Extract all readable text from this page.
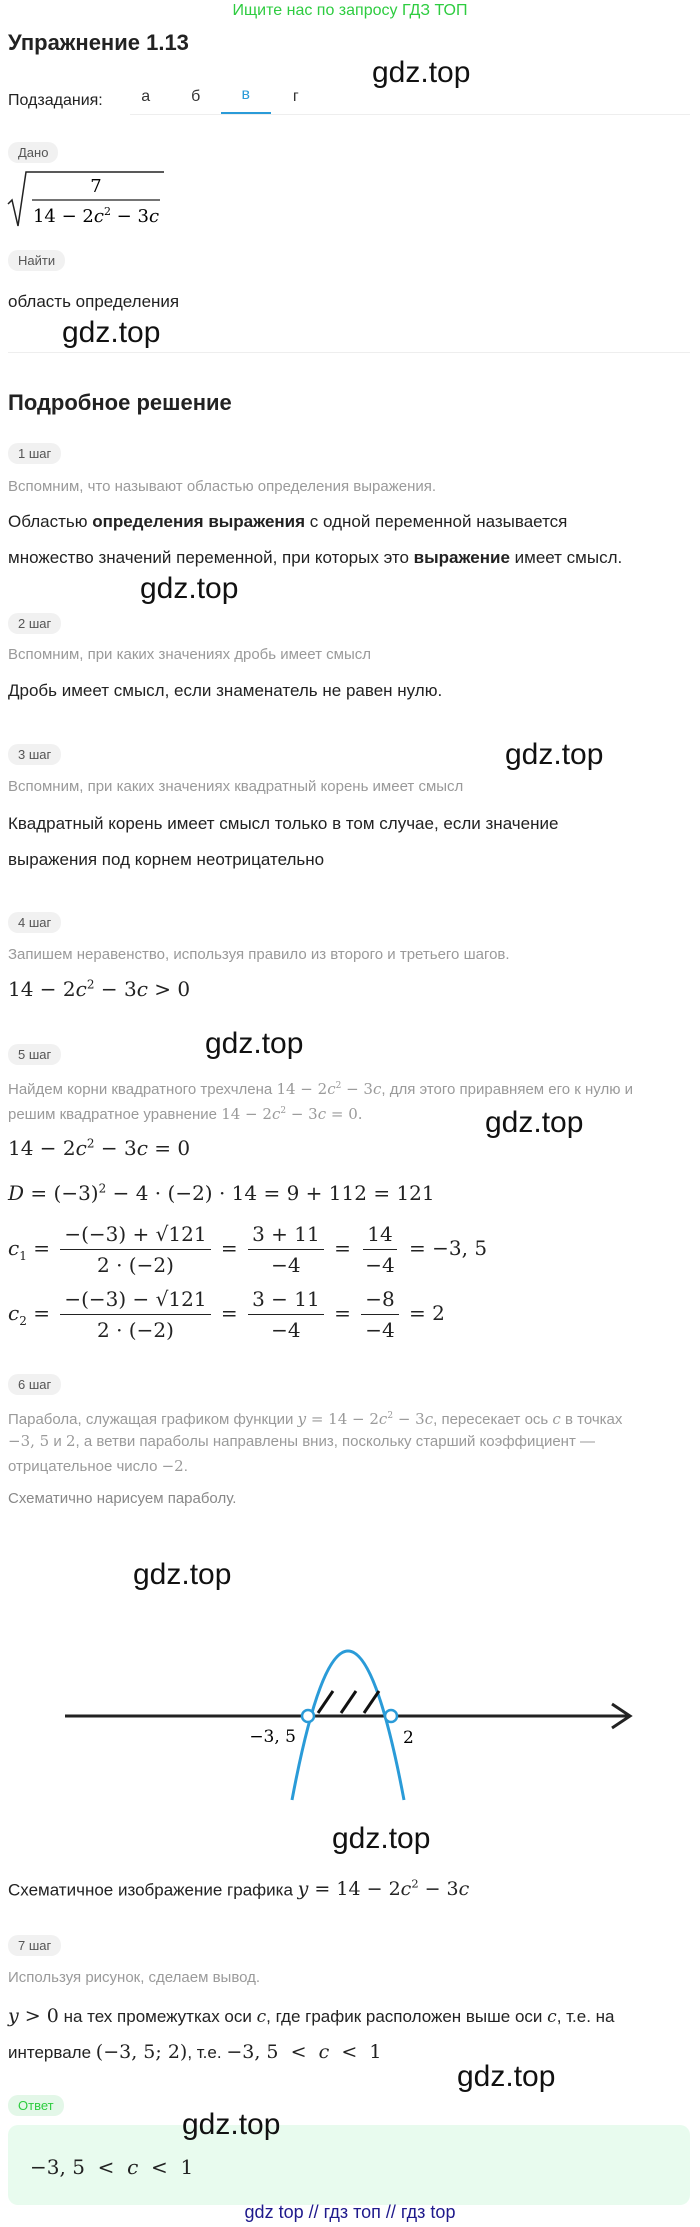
Ищите нас по запросу ГДЗ ТОП
Упражнение 1.13
Подзадания:	а	б	в	г
Дано
7
$14 - 2c^2 - 3c$
Найти
область определения
Подробное решение
1 шаг
Вспомним, что называют областью определения выражения.
Областью определения выражения с одной переменной называется
множество значений переменной, при которых это выражение имеет смысл.
2 шаг
Вспомним, при каких значениях дробь имеет смысл
Дробь имеет смысл, если знаменатель не равен нулю.
3 шаг
Вспомним, при каких значениях квадратный корень имеет смысл
Квадратный корень имеет смысл только в том случае, если значение
выражения под корнем неотрицательно
4 шаг
Запишем неравенство, используя правило из второго и третьего шагов.
$14 - 2c^2 - 3c > 0$
5 шаг
Найдем корни квадратного трехчлена $14 - 2c^2 - 3c$, для этого приравняем его к нулю и
решим квадратное уравнение $14 - 2c^2 - 3c = 0$.
$14 - 2c^2 - 3c = 0$
$D = (-3)^2 - 4 \cdot (-2) \cdot 14 = 9 + 112 = 121$
$c_1 = \frac{-(-3) + √121}{2 \cdot (-2)} = \frac{3 + 11}{-4} = \frac{14}{-4} = -3$, 5
$c_2 = \frac{-(-3) - √121}{2 \cdot (-2)} = \frac{3 - 11}{-4} = \frac{-8}{-4} = 2$
6 шаг
Парабола, служащая графиком функции $y = 14 - 2c^2 - 3c$, пересекает ось c в точках
−3, 5 и 2, а ветви параболы направлены вниз, поскольку старший коэффициент —
отрицательное число −2.
Схематично нарисуем параболу.
−3, 5	2
Схематичное изображение графика $y = 14 - 2c^2 - 3c$
7 шаг
Используя рисунок, сделаем вывод.
y > 0 на тех промежутках оси c, где график расположен выше оси c, т.е. на
интервале (−3, 5; 2), т.е. −3, 5  <  c  <  1
Ответ
−3, 5  <  c  <  1
gdz top // гдз топ // гдз top
gdz.top
gdz.top
gdz.top
gdz.top
gdz.top
gdz.top
gdz.top
gdz.top
gdz.top
gdz.top
